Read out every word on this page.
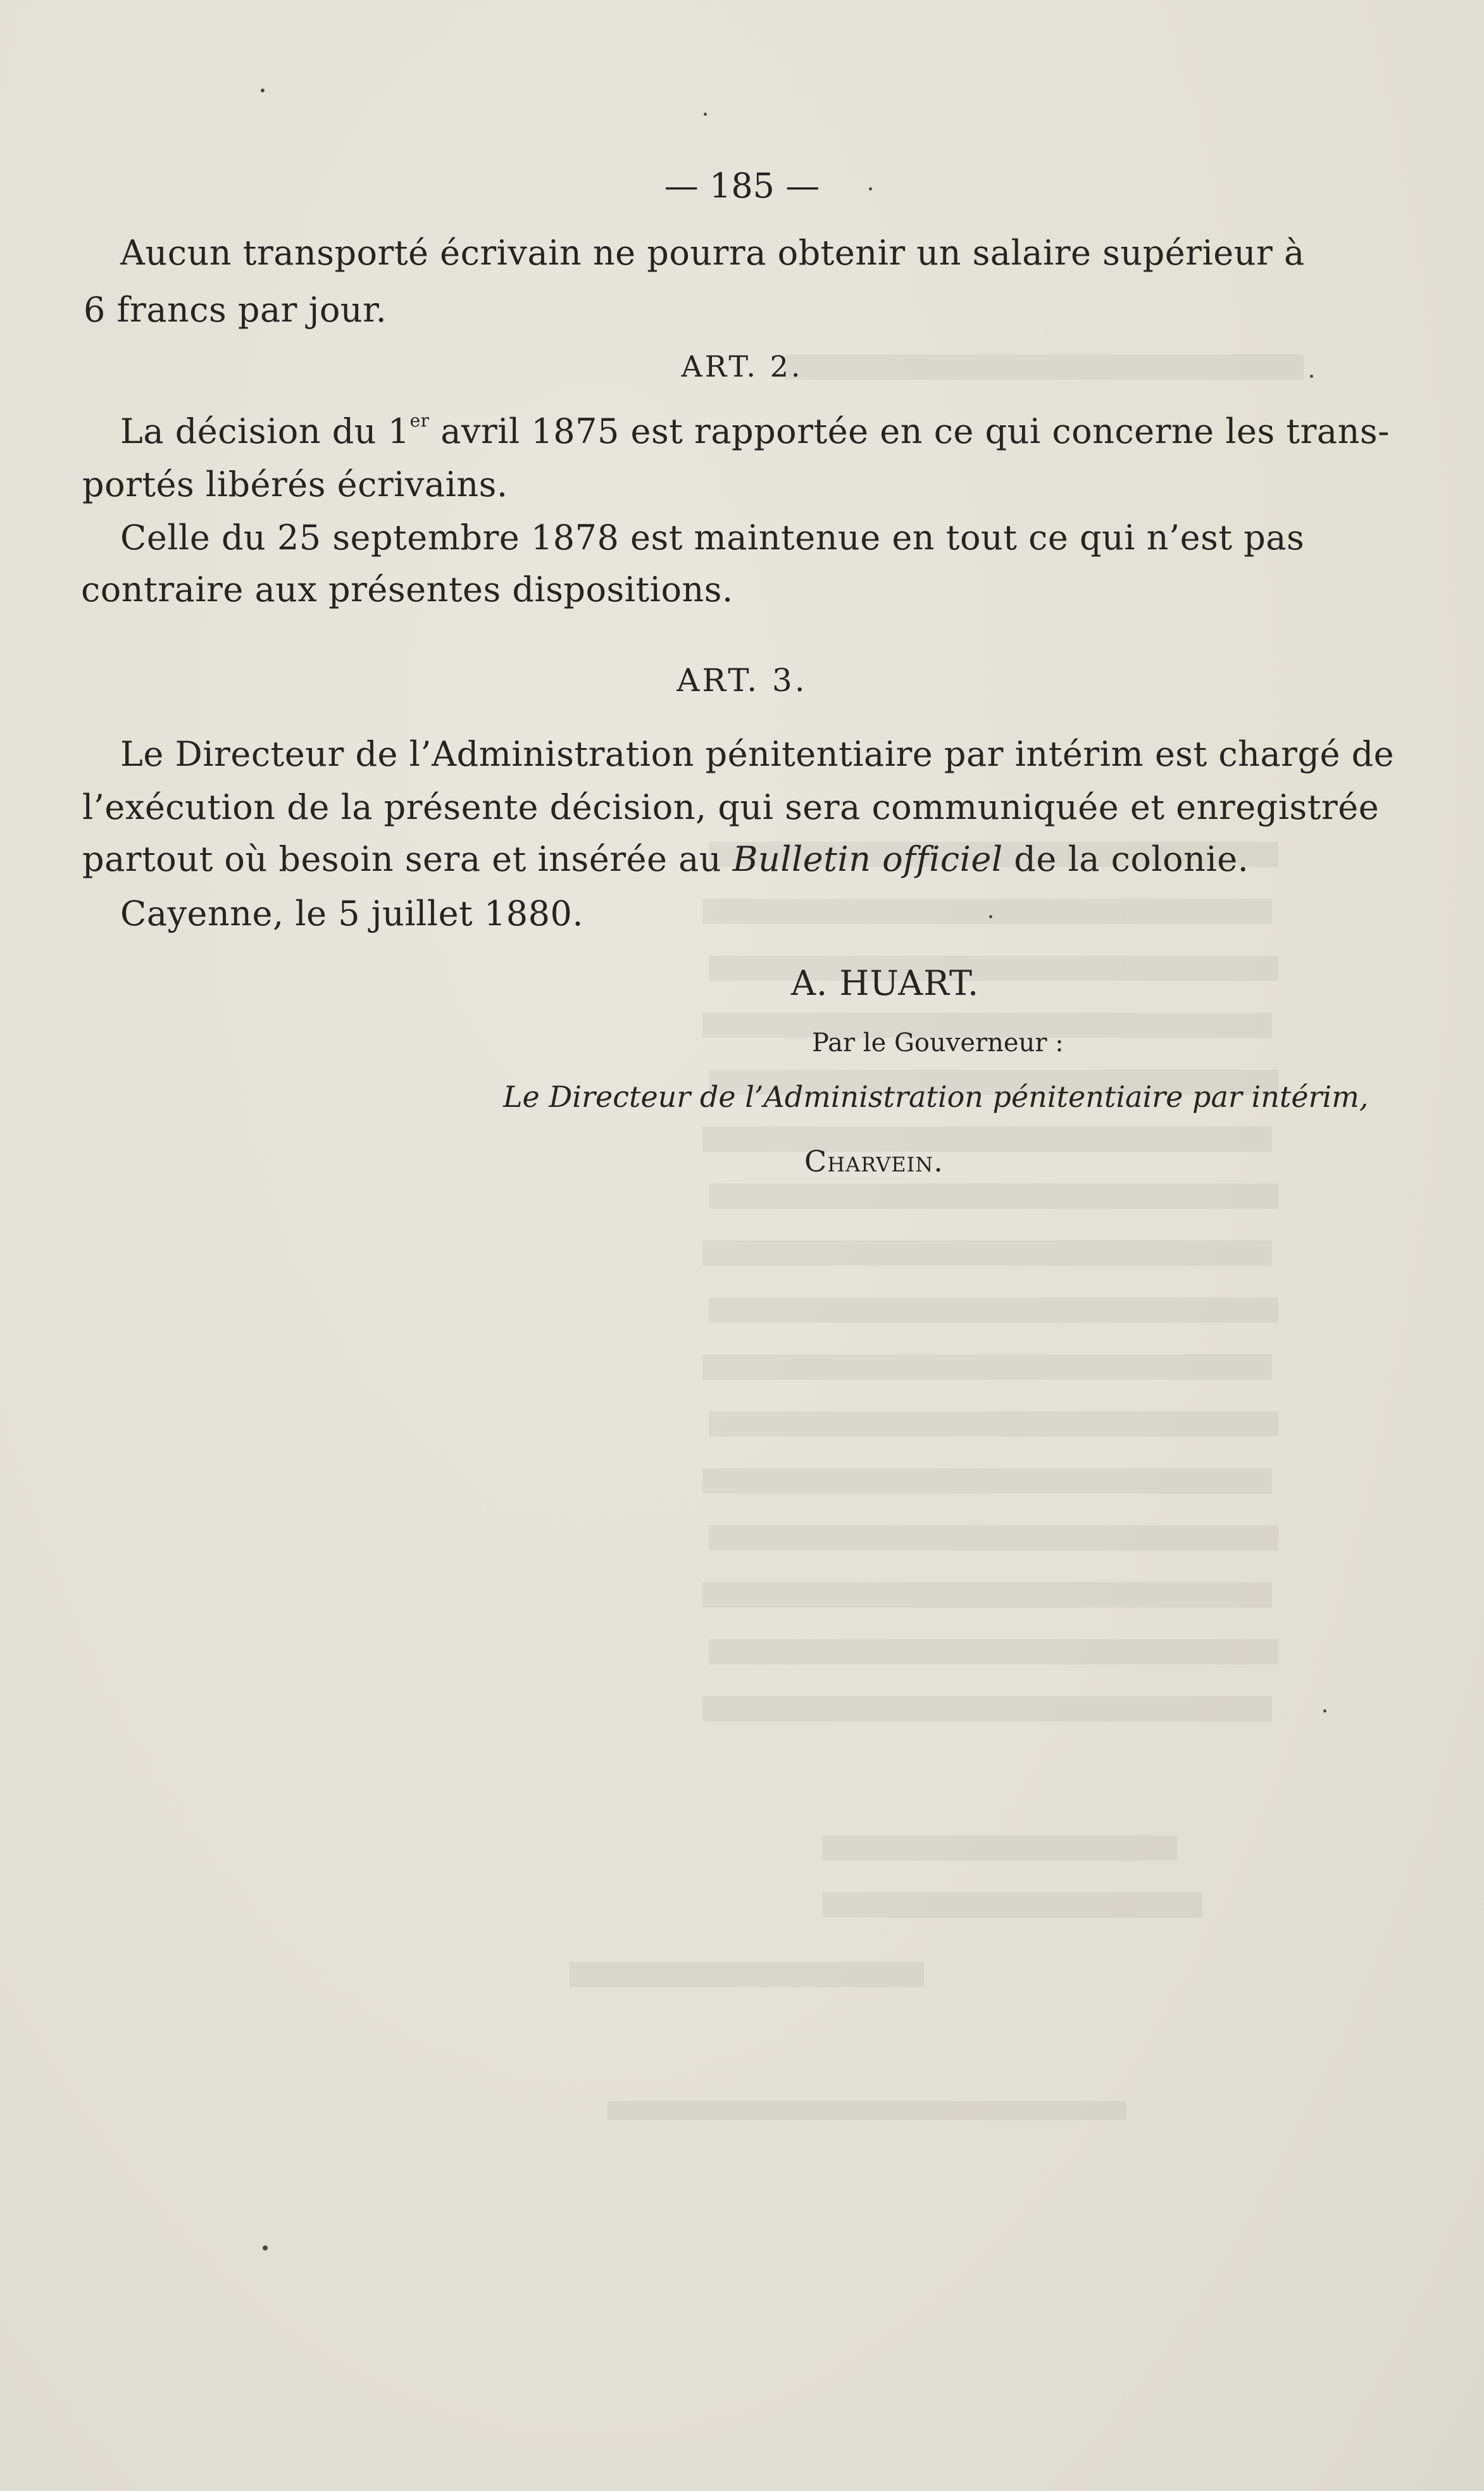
— 185 —
Aucun transporté écrivain ne pourra obtenir un salaire supérieur à
6 francs par jour.
ART. 2.
La décision du 1er avril 1875 est rapportée en ce qui concerne les trans-
portés libérés écrivains.
Celle du 25 septembre 1878 est maintenue en tout ce qui n’est pas
contraire aux présentes dispositions.
ART. 3.
Le Directeur de l’Administration pénitentiaire par intérim est chargé de
l’exécution de la présente décision, qui sera communiquée et enregistrée
partout où besoin sera et insérée au Bulletin officiel de la colonie.
Cayenne, le 5 juillet 1880.
A. HUART.
Par le Gouverneur :
Le Directeur de l’Administration pénitentiaire par intérim,
Charvein.
